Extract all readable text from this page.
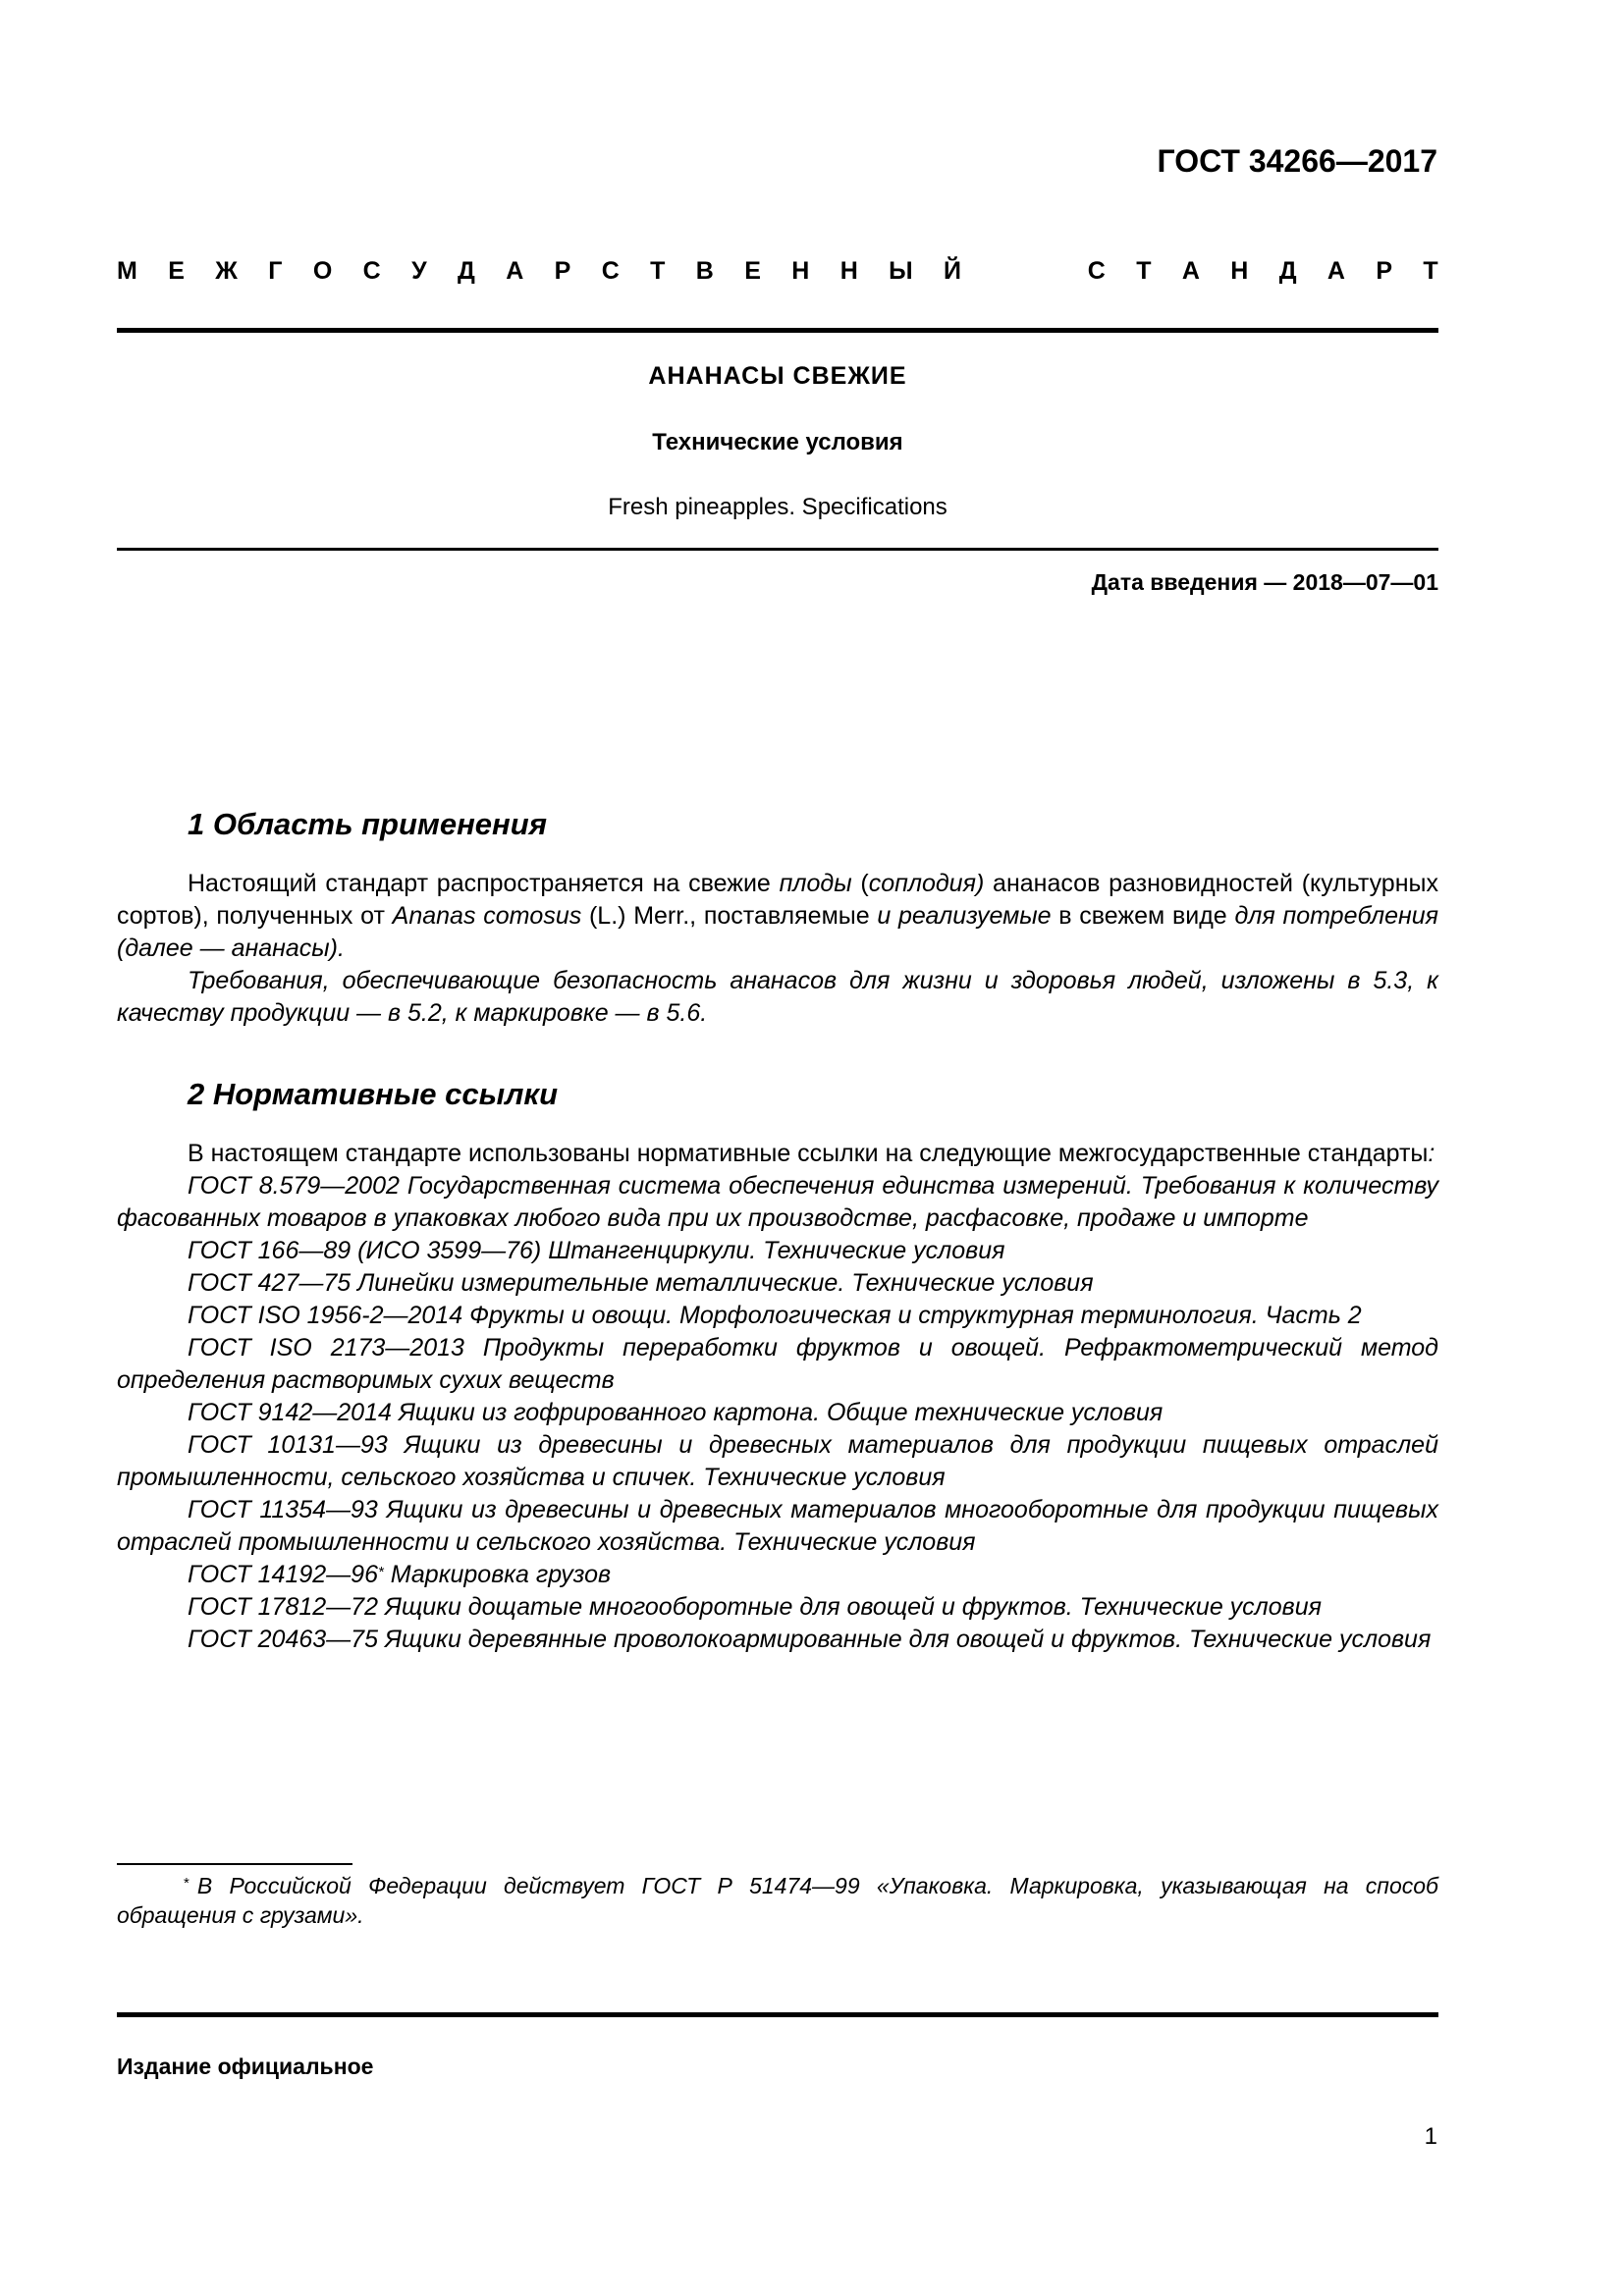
ГОСТ 34266—2017
М Е Ж Г О С У Д А Р С Т В Е Н Н Ы Й	С Т А Н Д А Р Т
АНАНАСЫ СВЕЖИЕ
Технические условия
Fresh pineapples. Specifications
Дата введения — 2018—07—01
1 Область применения

Настоящий стандарт распространяется на свежие плоды (соплодия) ананасов разновидностей (культурных сортов), полученных от Ananas comosus (L.) Merr., поставляемые и реализуемые в свежем виде для потребления (далее — ананасы).

Требования, обеспечивающие безопасность ананасов для жизни и здоровья людей, изложены в 5.3, к качеству продукции — в 5.2, к маркировке — в 5.6.

2 Нормативные ссылки

В настоящем стандарте использованы нормативные ссылки на следующие межгосударственные стандарты:

ГОСТ 8.579—2002 Государственная система обеспечения единства измерений. Требования к количеству фасованных товаров в упаковках любого вида при их производстве, расфасовке, продаже и импорте

ГОСТ 166—89 (ИСО 3599—76) Штангенциркули. Технические условия

ГОСТ 427—75 Линейки измерительные металлические. Технические условия

ГОСТ ISO 1956-2—2014 Фрукты и овощи. Морфологическая и структурная терминология. Часть 2

ГОСТ ISO 2173—2013 Продукты переработки фруктов и овощей. Рефрактометрический метод определения растворимых сухих веществ

ГОСТ 9142—2014 Ящики из гофрированного картона. Общие технические условия

ГОСТ 10131—93 Ящики из древесины и древесных материалов для продукции пищевых отраслей промышленности, сельского хозяйства и спичек. Технические условия

ГОСТ 11354—93 Ящики из древесины и древесных материалов многооборотные для продукции пищевых отраслей промышленности и сельского хозяйства. Технические условия

ГОСТ 14192—96* Маркировка грузов

ГОСТ 17812—72 Ящики дощатые многооборотные для овощей и фруктов. Технические условия

ГОСТ 20463—75 Ящики деревянные проволокоармированные для овощей и фруктов. Технические условия

* В Российской Федерации действует ГОСТ Р 51474—99 «Упаковка. Маркировка, указывающая на способ обращения с грузами».
Издание официальное
1
